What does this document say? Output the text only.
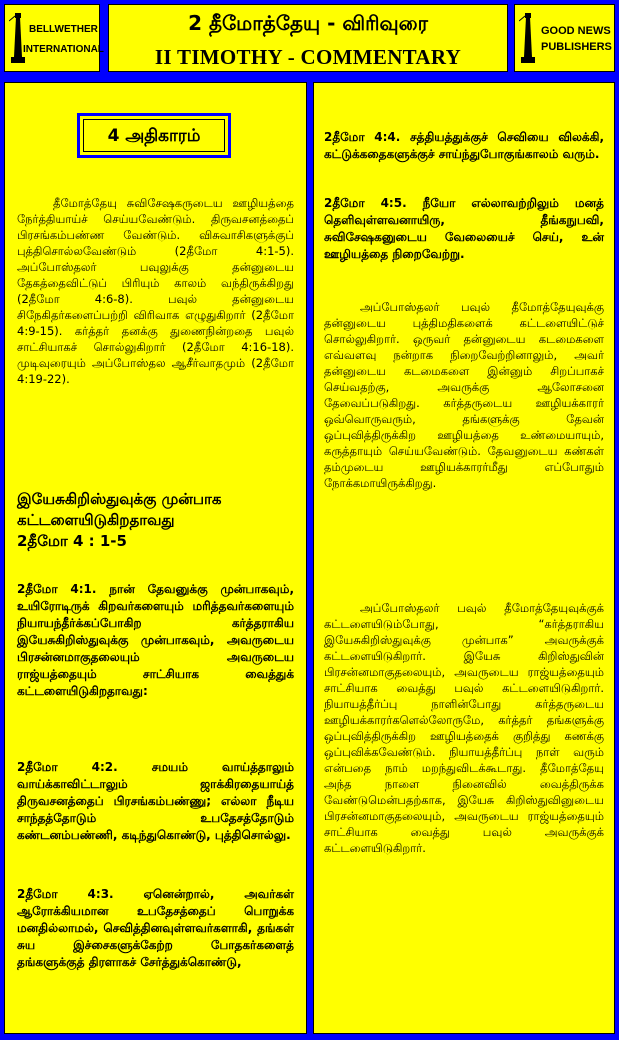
BELLWETHER
INTERNATIONAL
2 தீமோத்தேயு - விரிவுரை
II TIMOTHY - COMMENTARY
GOOD NEWS
PUBLISHERS
4 அதிகாரம்
தீமோத்தேயு சுவிசேஷகருடைய ஊழியத்தை நேர்த்தியாய்ச் செய்யவேண்டும். திருவசனத்தைப் பிரசங்கம்பண்ண வேண்டும். விசுவாசிகளுக்குப் புத்திசொல்லவேண்டும் (2தீமோ 4:1-5). அப்போஸ்தலர் பவுலுக்கு தன்னுடைய தேகத்தைவிட்டுப் பிரியும் காலம் வந்திருக்கிறது (2தீமோ 4:6-8). பவுல் தன்னுடைய சிநேகிதர்களைப்பற்றி விரிவாக எழுதுகிறார் (2தீமோ 4:9-15). கர்த்தர் தனக்கு துணைநின்றதை பவுல் சாட்சியாகச் சொல்லுகிறார் (2தீமோ 4:16-18). முடிவுரையும் அப்போஸ்தல ஆசீர்வாதமும் (2தீமோ 4:19-22).
இயேசுகிறிஸ்துவுக்கு முன்பாக கட்டளையிடுகிறதாவது
2தீமோ 4 : 1-5
2தீமோ 4:1. நான் தேவனுக்கு முன்பாகவும், உயிரோடிருக் கிறவர்களையும் மரித்தவர்களையும் நியாயந்தீர்க்கப்போகிற கர்த்தராகிய இயேசுகிறிஸ்துவுக்கு முன்பாகவும், அவருடைய பிரசன்னமாகுதலையும் அவருடைய ராஜ்யத்தையும் சாட்சியாக வைத்துக் கட்டளையிடுகிறதாவது:
2தீமோ 4:2. சமயம் வாய்த்தாலும் வாய்க்காவிட்டாலும் ஜாக்கிரதையாய்த் திருவசனத்தைப் பிரசங்கம்பண்ணு; எல்லா நீடிய சாந்தத்தோடும் உபதேசத்தோடும் கண்டனம்பண்ணி, கடிந்துகொண்டு, புத்திசொல்லு.
2தீமோ 4:3. ஏனென்றால், அவர்கள் ஆரோக்கியமான உபதேசத்தைப் பொறுக்க மனதில்லாமல், செவித்தினவுள்ளவர்களாகி, தங்கள் சுய இச்சைகளுக்கேற்ற போதகர்களைத் தங்களுக்குத் திரளாகச் சேர்த்துக்கொண்டு,
2தீமோ 4:4. சத்தியத்துக்குச் செவியை விலக்கி, கட்டுக்கதைகளுக்குச் சாய்ந்துபோகுங்காலம் வரும்.
2தீமோ 4:5. நீயோ எல்லாவற்றிலும் மனத் தெளிவுள்ளவனாயிரு, தீங்கநுபவி, சுவிசேஷகனுடைய வேலையைச் செய், உன் ஊழியத்தை நிறைவேற்று.
அப்போஸ்தலர் பவுல் தீமோத்தேயுவுக்கு தன்னுடைய புத்திமதிகளைக் கட்டளையிட்டுச் சொல்லுகிறார். ஒருவர் தன்னுடைய கடமைகளை எவ்வளவு நன்றாக நிறைவேற்றினாலும், அவர் தன்னுடைய கடமைகளை இன்னும் சிறப்பாகச் செய்வதற்கு, அவருக்கு ஆலோசனை தேவைப்படுகிறது. கர்த்தருடைய ஊழியக்காரர் ஒவ்வொருவரும், தங்களுக்கு தேவன் ஒப்புவித்திருக்கிற ஊழியத்தை உண்மையாயும், கருத்தாயும் செய்யவேண்டும். தேவனுடைய கண்கள் தம்முடைய ஊழியக்காரர்மீது எப்போதும் நோக்கமாயிருக்கிறது.
அப்போஸ்தலர் பவுல் தீமோத்தேயுவுக்குக் கட்டளையிடும்போது, “கர்த்தராகிய இயேசுகிறிஸ்துவுக்கு முன்பாக” அவருக்குக் கட்டளையிடுகிறார். இயேசு கிறிஸ்துவின் பிரசன்னமாகுதலையும், அவருடைய ராஜ்யத்தையும் சாட்சியாக வைத்து பவுல் கட்டளையிடுகிறார். நியாயத்தீர்ப்பு நாளின்போது கர்த்தருடைய ஊழியக்காரர்களெல்லோருமே, கர்த்தர் தங்களுக்கு ஒப்புவித்திருக்கிற ஊழியத்தைக் குறித்து கணக்கு ஒப்புவிக்கவேண்டும். நியாயத்தீர்ப்பு நாள் வரும் என்பதை நாம் மறந்துவிடக்கூடாது. தீமோத்தேயு அந்த நாளை நினைவில் வைத்திருக்க வேண்டுமென்பதற்காக, இயேசு கிறிஸ்துவினுடைய பிரசன்னமாகுதலையும், அவருடைய ராஜ்யத்தையும் சாட்சியாக வைத்து பவுல் அவருக்குக் கட்டளையிடுகிறார்.
